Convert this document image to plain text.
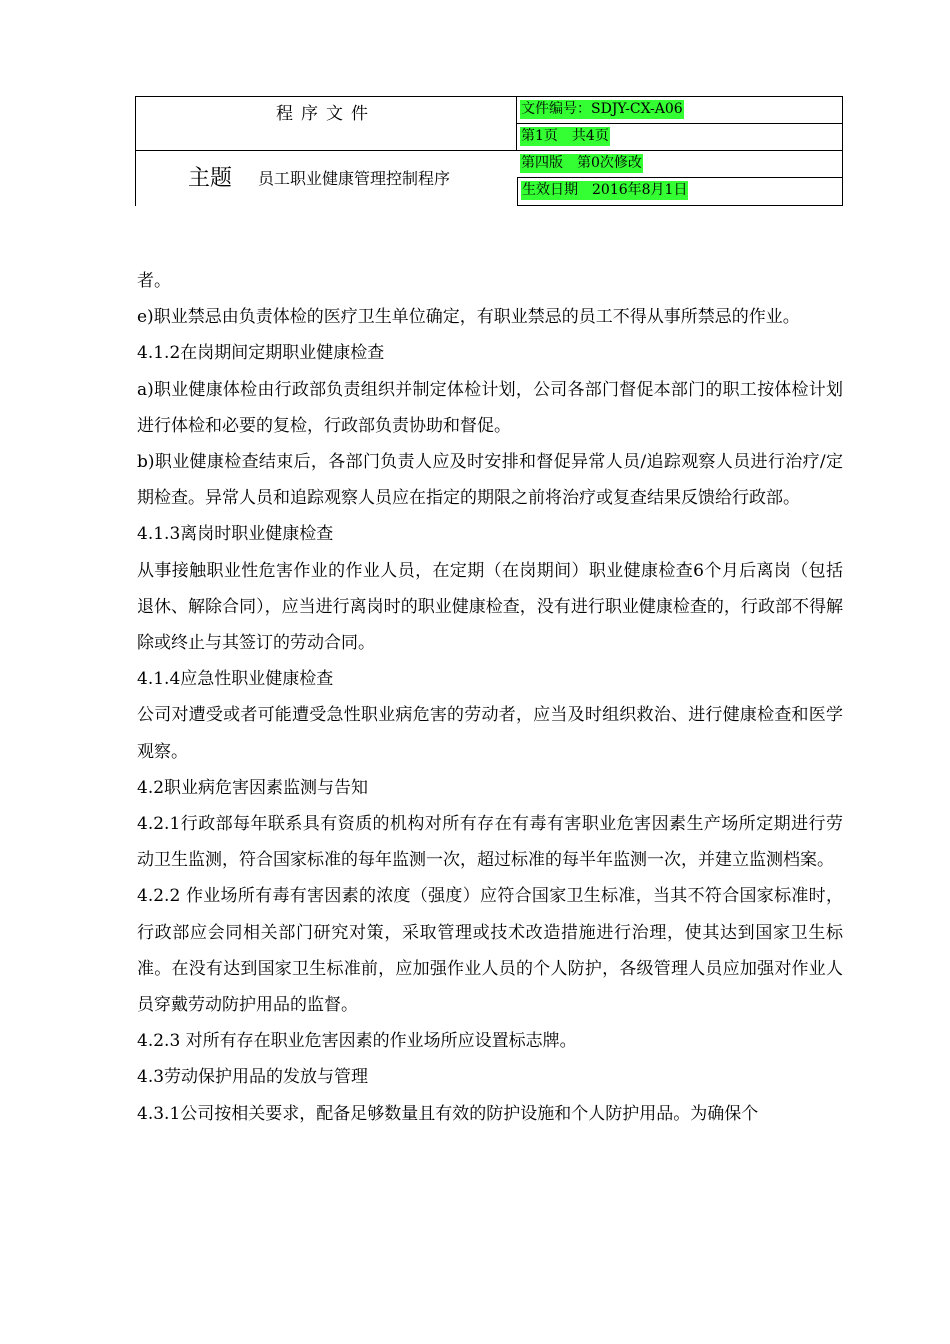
程序文件
主题 员工职业健康管理控制程序
文件编号：SDJY-CX-A06
第1页　共4页
第四版　第0次修改
生效日期　2016年8月1日

者。

e)职业禁忌由负责体检的医疗卫生单位确定，有职业禁忌的员工不得从事所禁忌的作业。

4.1.2在岗期间定期职业健康检查

a)职业健康体检由行政部负责组织并制定体检计划，公司各部门督促本部门的职工按体检计划进行体检和必要的复检，行政部负责协助和督促。

b)职业健康检查结束后，各部门负责人应及时安排和督促异常人员/追踪观察人员进行治疗/定期检查。异常人员和追踪观察人员应在指定的期限之前将治疗或复查结果反馈给行政部。

4.1.3离岗时职业健康检查

从事接触职业性危害作业的作业人员，在定期（在岗期间）职业健康检查6个月后离岗（包括退休、解除合同），应当进行离岗时的职业健康检查，没有进行职业健康检查的，行政部不得解除或终止与其签订的劳动合同。

4.1.4应急性职业健康检查

公司对遭受或者可能遭受急性职业病危害的劳动者，应当及时组织救治、进行健康检查和医学观察。

4.2职业病危害因素监测与告知

4.2.1行政部每年联系具有资质的机构对所有存在有毒有害职业危害因素生产场所定期进行劳动卫生监测，符合国家标准的每年监测一次，超过标准的每半年监测一次，并建立监测档案。

4.2.2 作业场所有毒有害因素的浓度（强度）应符合国家卫生标准，当其不符合国家标准时，行政部应会同相关部门研究对策，采取管理或技术改造措施进行治理，使其达到国家卫生标准。在没有达到国家卫生标准前，应加强作业人员的个人防护，各级管理人员应加强对作业人员穿戴劳动防护用品的监督。

4.2.3 对所有存在职业危害因素的作业场所应设置标志牌。

4.3劳动保护用品的发放与管理

4.3.1公司按相关要求，配备足够数量且有效的防护设施和个人防护用品。为确保个
